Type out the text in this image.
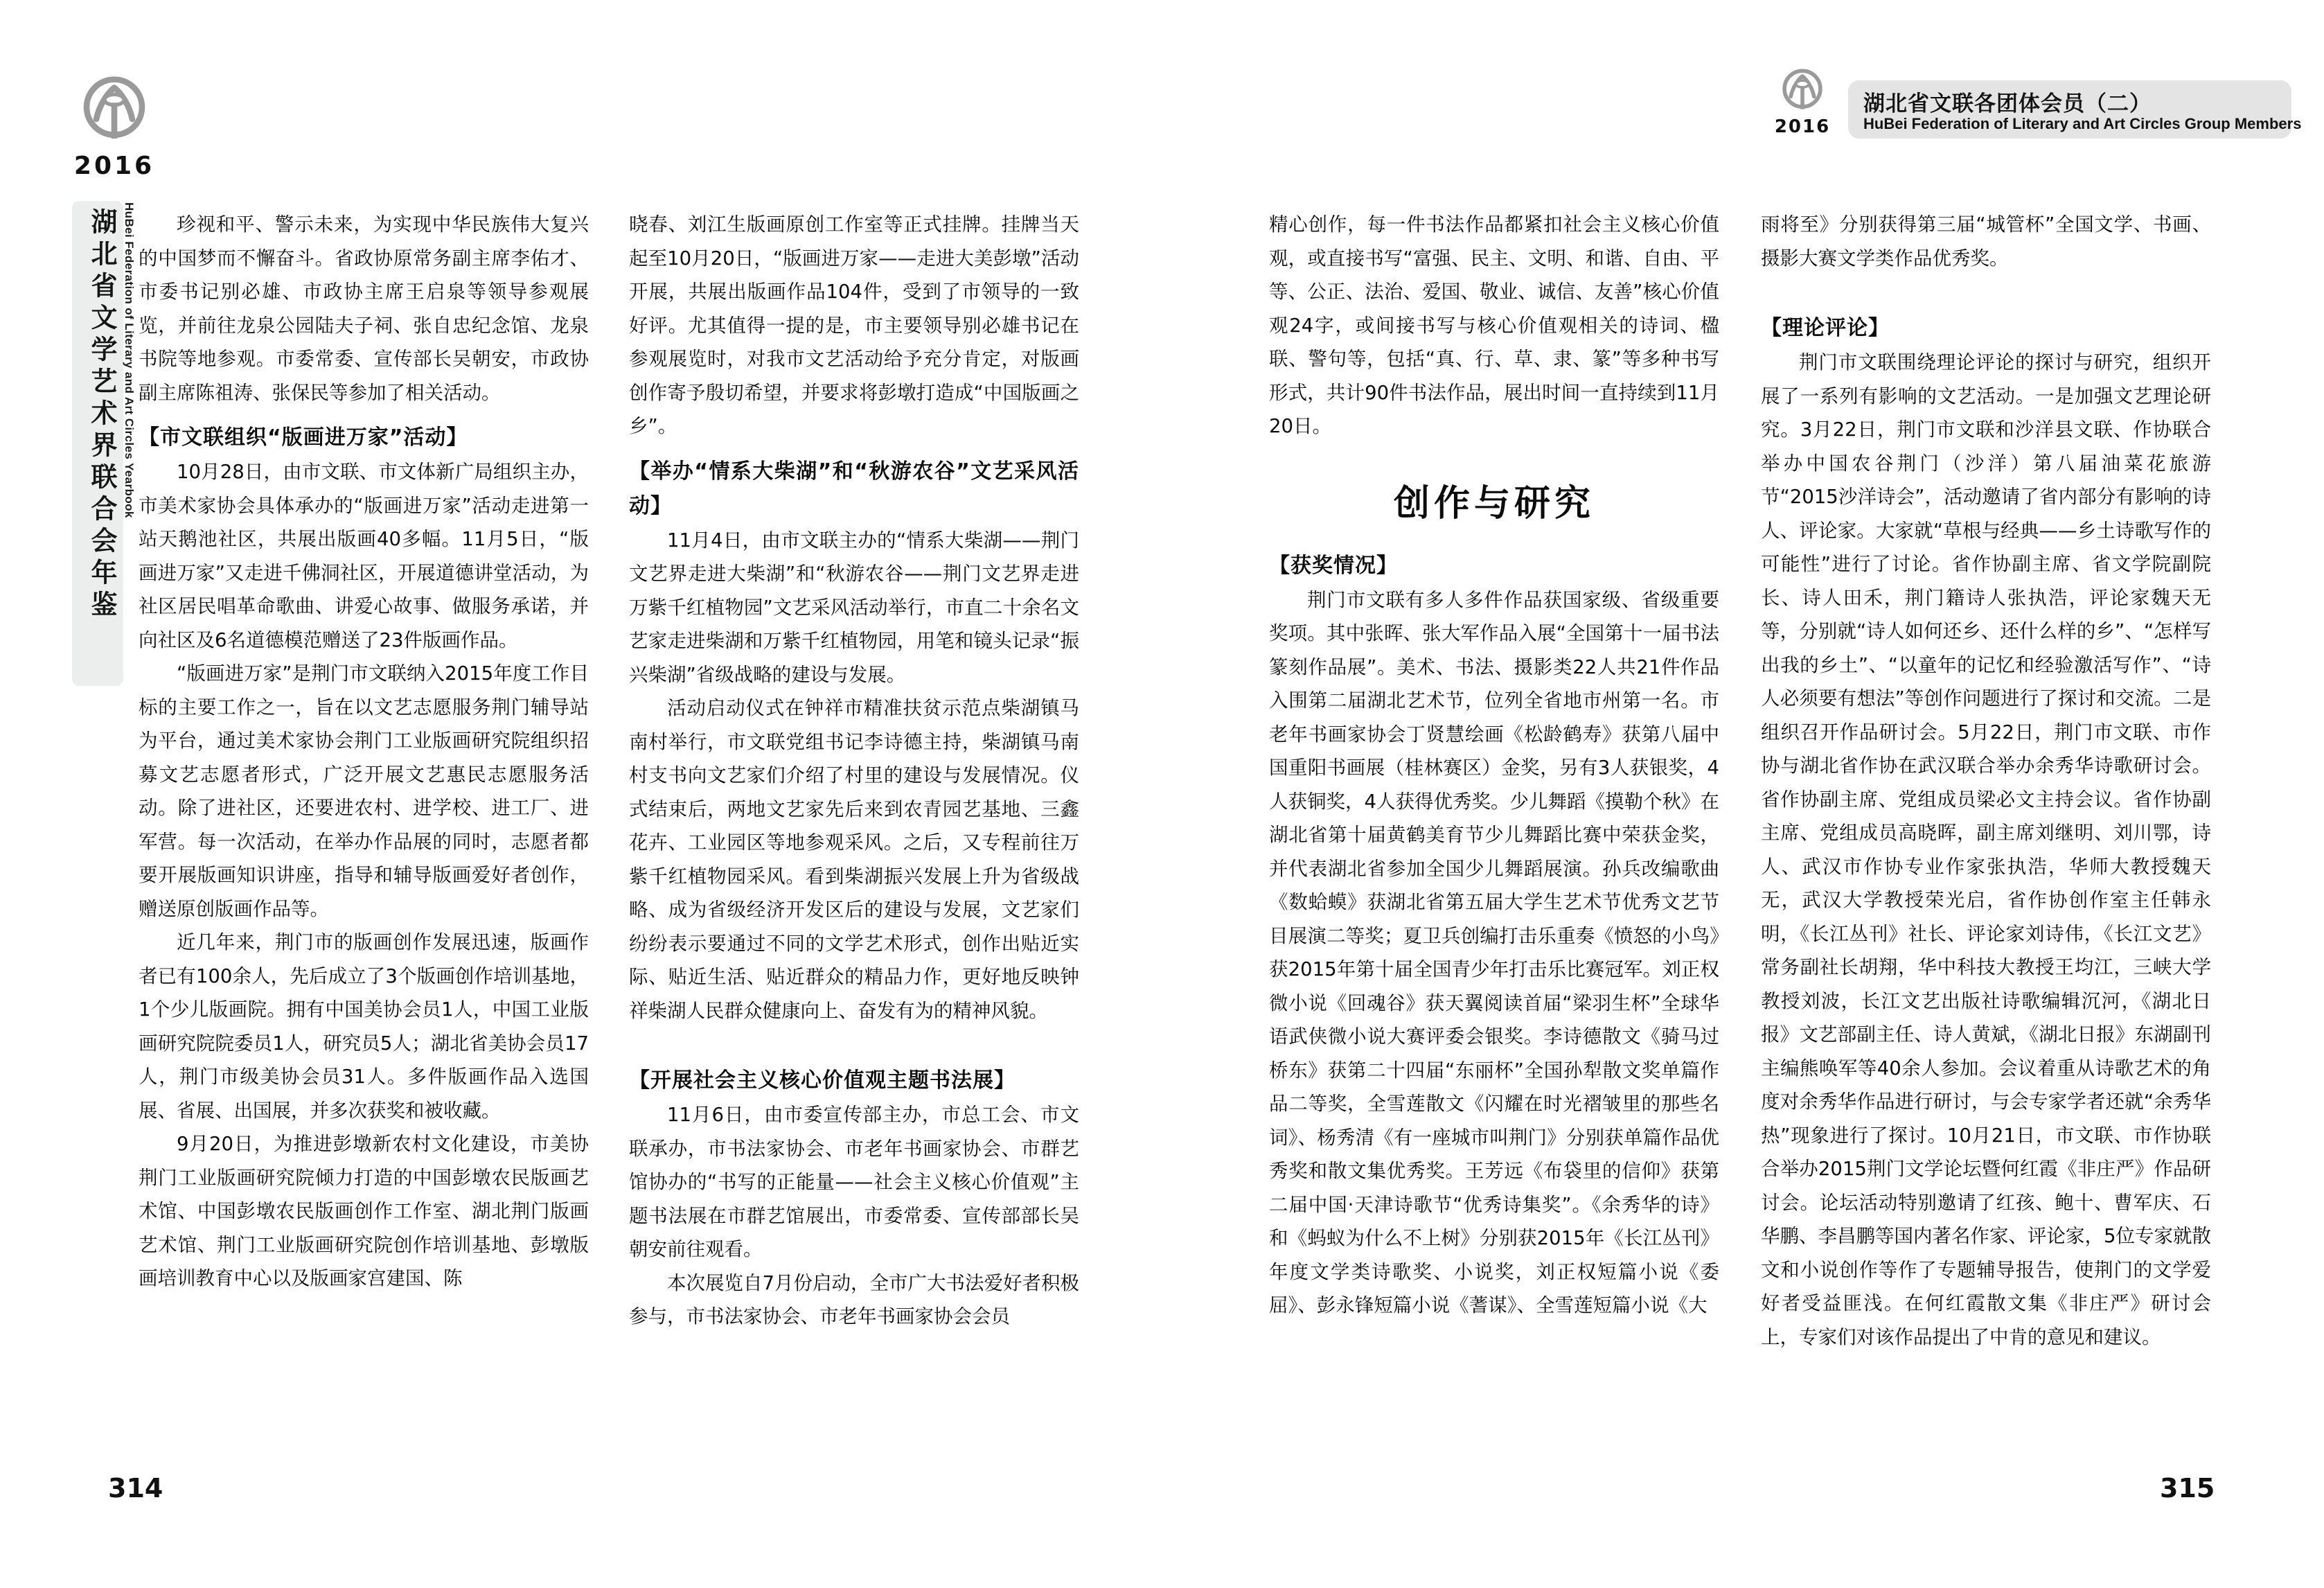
2016
湖北省文学艺术界联合会年鉴 HuBei Federation of Literary and Art Circles Yearbook
2016
湖北省文联各团体会员（二）
HuBei Federation of Literary and Art Circles Group Members

珍视和平、警示未来，为实现中华民族伟大复兴的中国梦而不懈奋斗。省政协原常务副主席李佑才、市委书记别必雄、市政协主席王启泉等领导参观展览，并前往龙泉公园陆夫子祠、张自忠纪念馆、龙泉书院等地参观。市委常委、宣传部长吴朝安，市政协副主席陈祖涛、张保民等参加了相关活动。

【市文联组织“版画进万家”活动】

10月28日，由市文联、市文体新广局组织主办，市美术家协会具体承办的“版画进万家”活动走进第一站天鹅池社区，共展出版画40多幅。11月5日，“版画进万家”又走进千佛洞社区，开展道德讲堂活动，为社区居民唱革命歌曲、讲爱心故事、做服务承诺，并向社区及6名道德模范赠送了23件版画作品。

“版画进万家”是荆门市文联纳入2015年度工作目标的主要工作之一，旨在以文艺志愿服务荆门辅导站为平台，通过美术家协会荆门工业版画研究院组织招募文艺志愿者形式，广泛开展文艺惠民志愿服务活动。除了进社区，还要进农村、进学校、进工厂、进军营。每一次活动，在举办作品展的同时，志愿者都要开展版画知识讲座，指导和辅导版画爱好者创作，赠送原创版画作品等。

近几年来，荆门市的版画创作发展迅速，版画作者已有100余人，先后成立了3个版画创作培训基地，1个少儿版画院。拥有中国美协会员1人，中国工业版画研究院院委员1人，研究员5人；湖北省美协会员17人，荆门市级美协会员31人。多件版画作品入选国展、省展、出国展，并多次获奖和被收藏。

9月20日，为推进彭墩新农村文化建设，市美协荆门工业版画研究院倾力打造的中国彭墩农民版画艺术馆、中国彭墩农民版画创作工作室、湖北荆门版画艺术馆、荆门工业版画研究院创作培训基地、彭墩版画培训教育中心以及版画家宫建国、陈

晓春、刘江生版画原创工作室等正式挂牌。挂牌当天起至10月20日，“版画进万家——走进大美彭墩”活动开展，共展出版画作品104件，受到了市领导的一致好评。尤其值得一提的是，市主要领导别必雄书记在参观展览时，对我市文艺活动给予充分肯定，对版画创作寄予殷切希望，并要求将彭墩打造成“中国版画之乡”。

【举办“情系大柴湖”和“秋游农谷”文艺采风活动】

11月4日，由市文联主办的“情系大柴湖——荆门文艺界走进大柴湖”和“秋游农谷——荆门文艺界走进万紫千红植物园”文艺采风活动举行，市直二十余名文艺家走进柴湖和万紫千红植物园，用笔和镜头记录“振兴柴湖”省级战略的建设与发展。

活动启动仪式在钟祥市精准扶贫示范点柴湖镇马南村举行，市文联党组书记李诗德主持，柴湖镇马南村支书向文艺家们介绍了村里的建设与发展情况。仪式结束后，两地文艺家先后来到农青园艺基地、三鑫花卉、工业园区等地参观采风。之后，又专程前往万紫千红植物园采风。看到柴湖振兴发展上升为省级战略、成为省级经济开发区后的建设与发展，文艺家们纷纷表示要通过不同的文学艺术形式，创作出贴近实际、贴近生活、贴近群众的精品力作，更好地反映钟祥柴湖人民群众健康向上、奋发有为的精神风貌。

【开展社会主义核心价值观主题书法展】

11月6日，由市委宣传部主办，市总工会、市文联承办，市书法家协会、市老年书画家协会、市群艺馆协办的“书写的正能量——社会主义核心价值观”主题书法展在市群艺馆展出，市委常委、宣传部部长吴朝安前往观看。

本次展览自7月份启动，全市广大书法爱好者积极参与，市书法家协会、市老年书画家协会会员

精心创作，每一件书法作品都紧扣社会主义核心价值观，或直接书写“富强、民主、文明、和谐、自由、平等、公正、法治、爱国、敬业、诚信、友善”核心价值观24字，或间接书写与核心价值观相关的诗词、楹联、警句等，包括“真、行、草、隶、篆”等多种书写形式，共计90件书法作品，展出时间一直持续到11月20日。

创作与研究
【获奖情况】

荆门市文联有多人多件作品获国家级、省级重要奖项。其中张晖、张大军作品入展“全国第十一届书法篆刻作品展”。美术、书法、摄影类22人共21件作品入围第二届湖北艺术节，位列全省地市州第一名。市老年书画家协会丁贤慧绘画《松龄鹤寿》获第八届中国重阳书画展（桂林赛区）金奖，另有3人获银奖，4人获铜奖，4人获得优秀奖。少儿舞蹈《摸勒个秋》在湖北省第十届黄鹤美育节少儿舞蹈比赛中荣获金奖，并代表湖北省参加全国少儿舞蹈展演。孙兵改编歌曲《数蛤蟆》获湖北省第五届大学生艺术节优秀文艺节目展演二等奖；夏卫兵创编打击乐重奏《愤怒的小鸟》获2015年第十届全国青少年打击乐比赛冠军。刘正权微小说《回魂谷》获天翼阅读首届“梁羽生杯”全球华语武侠微小说大赛评委会银奖。李诗德散文《骑马过桥东》获第二十四届“东丽杯”全国孙犁散文奖单篇作品二等奖，全雪莲散文《闪耀在时光褶皱里的那些名词》、杨秀清《有一座城市叫荆门》分别获单篇作品优秀奖和散文集优秀奖。王芳远《布袋里的信仰》获第二届中国·天津诗歌节“优秀诗集奖”。《余秀华的诗》和《蚂蚁为什么不上树》分别获2015年《长江丛刊》年度文学类诗歌奖、小说奖，刘正权短篇小说《委屈》、彭永锋短篇小说《蓍谋》、全雪莲短篇小说《大

雨将至》分别获得第三届“城管杯”全国文学、书画、摄影大赛文学类作品优秀奖。

【理论评论】

荆门市文联围绕理论评论的探讨与研究，组织开展了一系列有影响的文艺活动。一是加强文艺理论研究。3月22日，荆门市文联和沙洋县文联、作协联合举办中国农谷荆门（沙洋）第八届油菜花旅游节“2015沙洋诗会”，活动邀请了省内部分有影响的诗人、评论家。大家就“草根与经典——乡土诗歌写作的可能性”进行了讨论。省作协副主席、省文学院副院长、诗人田禾，荆门籍诗人张执浩，评论家魏天无等，分别就“诗人如何还乡、还什么样的乡”、“怎样写出我的乡土”、“以童年的记忆和经验激活写作”、“诗人必须要有想法”等创作问题进行了探讨和交流。二是组织召开作品研讨会。5月22日，荆门市文联、市作协与湖北省作协在武汉联合举办余秀华诗歌研讨会。省作协副主席、党组成员梁必文主持会议。省作协副主席、党组成员高晓晖，副主席刘继明、刘川鄂，诗人、武汉市作协专业作家张执浩，华师大教授魏天无，武汉大学教授荣光启，省作协创作室主任韩永明，《长江丛刊》社长、评论家刘诗伟，《长江文艺》常务副社长胡翔，华中科技大教授王均江，三峡大学教授刘波，长江文艺出版社诗歌编辑沉河，《湖北日报》文艺部副主任、诗人黄斌，《湖北日报》东湖副刊主编熊唤军等40余人参加。会议着重从诗歌艺术的角度对余秀华作品进行研讨，与会专家学者还就“余秀华热”现象进行了探讨。10月21日，市文联、市作协联合举办2015荆门文学论坛暨何红霞《非庄严》作品研讨会。论坛活动特别邀请了红孩、鲍十、曹军庆、石华鹏、李昌鹏等国内著名作家、评论家，5位专家就散文和小说创作等作了专题辅导报告，使荆门的文学爱好者受益匪浅。在何红霞散文集《非庄严》研讨会上，专家们对该作品提出了中肯的意见和建议。

314	315
